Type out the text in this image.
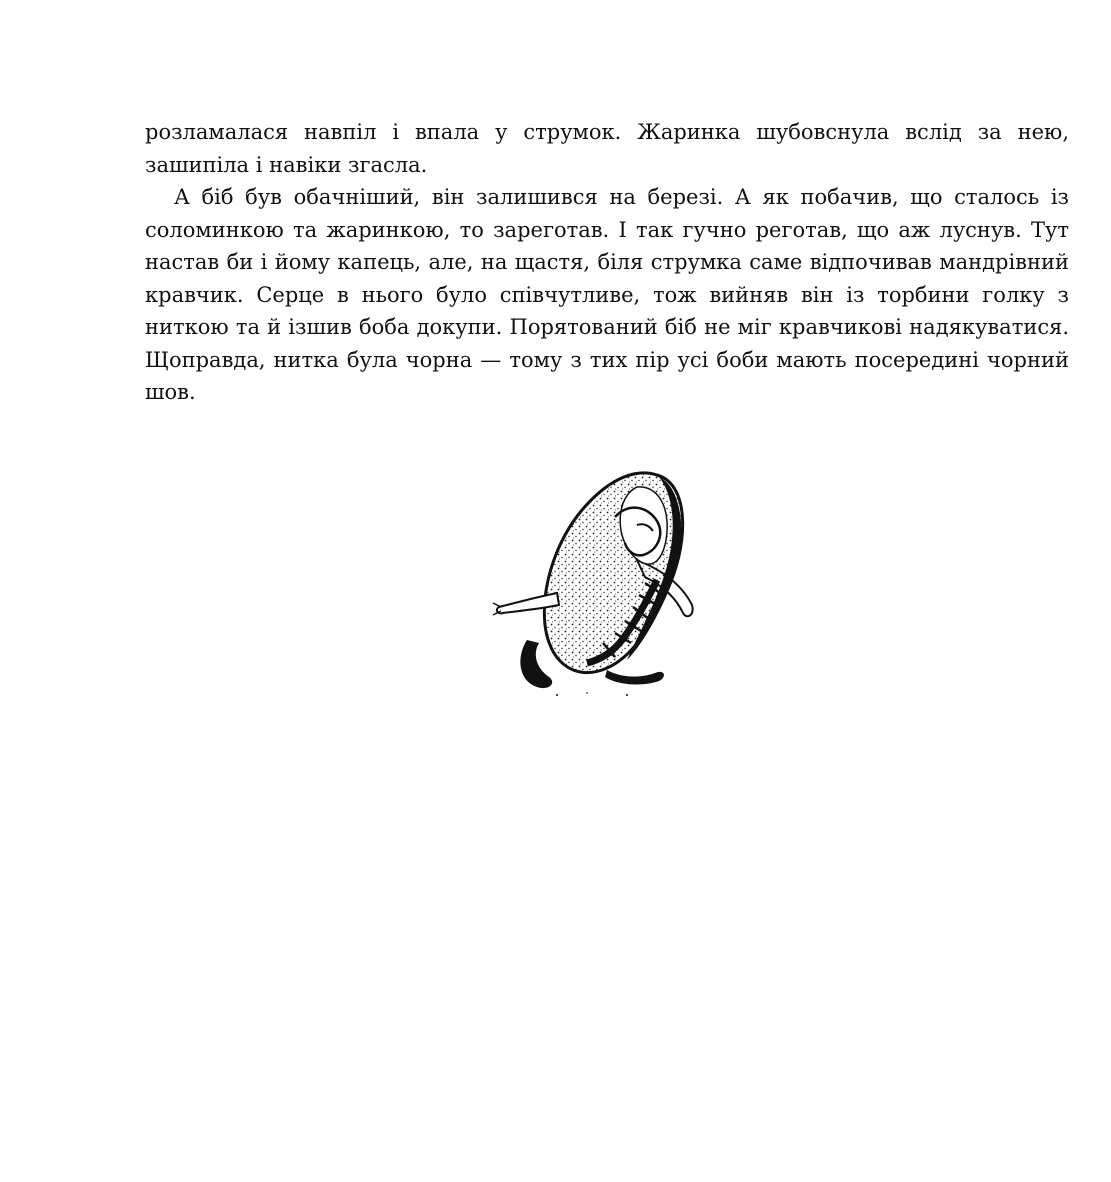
розламалася навпіл і впала у струмок. Жаринка шубовснула вслід за нею, зашипіла і навіки згасла.

А біб був обачніший, він залишився на березі. А як побачив, що сталось із соломинкою та жаринкою, то зареготав. І так гучно реготав, що аж луснув. Тут настав би і йому капець, але, на щастя, біля струмка саме відпочивав мандрівний кравчик. Серце в нього було співчутливе, тож вийняв він із торбини голку з ниткою та й ізшив боба докупи. Порятований біб не міг кравчикові надякуватися. Щоправда, нитка була чорна — тому з тих пір усі боби мають посередині чорний шов.
